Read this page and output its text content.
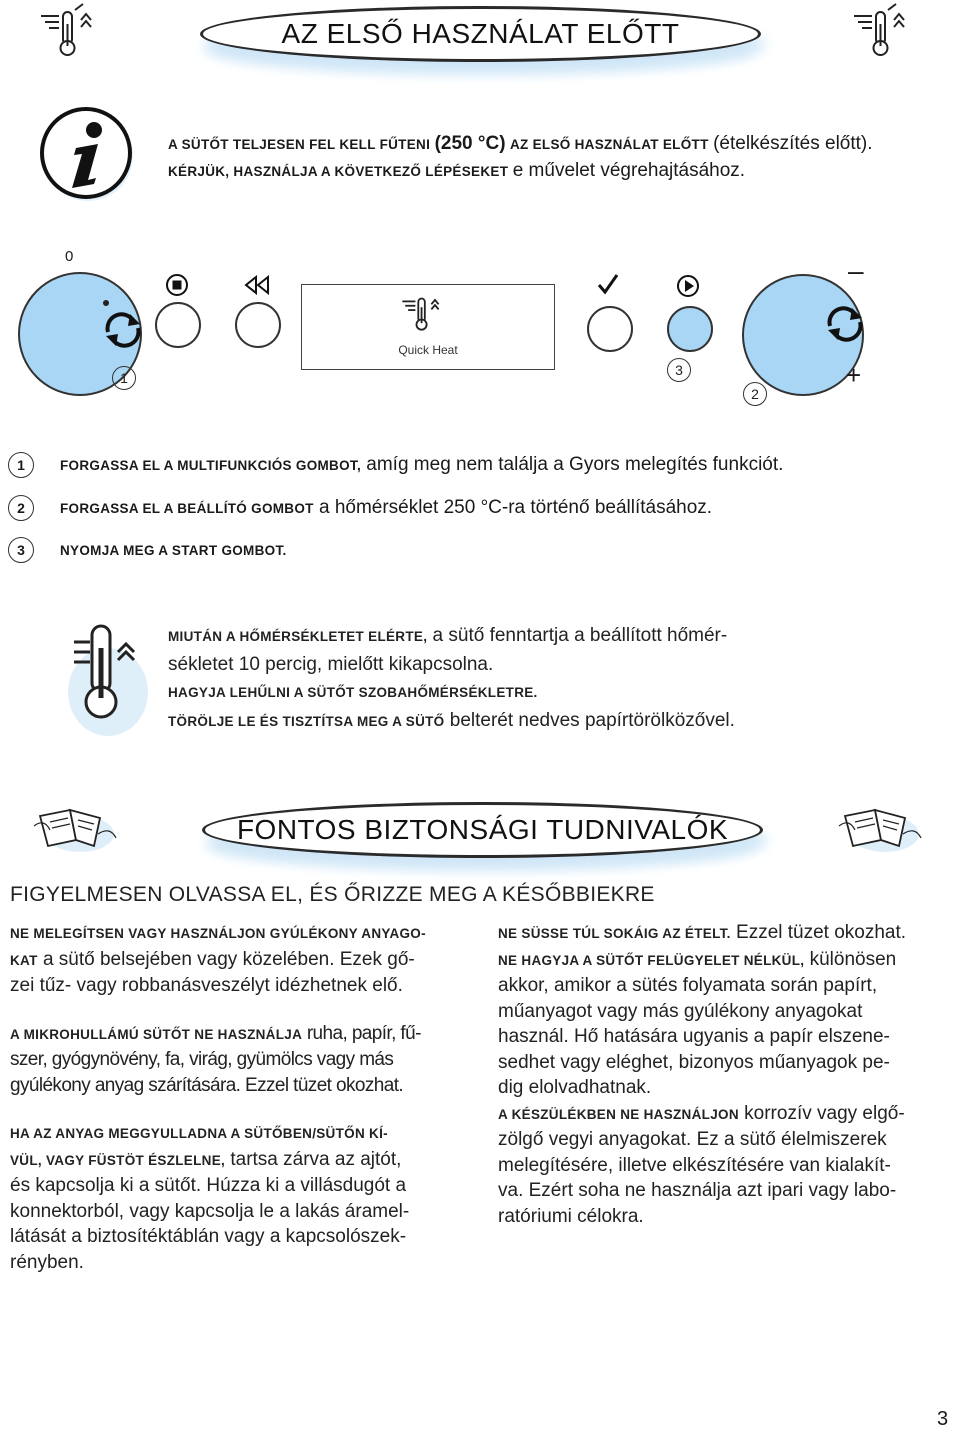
AZ ELSŐ HASZNÁLAT ELŐTT
A SÜTŐT TELJESEN FEL KELL FŰTENI (250 °C) AZ ELSŐ HASZNÁLAT ELŐTT (ételkészítés előtt).
KÉRJÜK, HASZNÁLJA A KÖVETKEZŐ LÉPÉSEKET e művelet végrehajtásához.
0
Quick Heat
–
+
1	3
2
1	FORGASSA EL A MULTIFUNKCIÓS GOMBOT, amíg meg nem találja a Gyors melegítés funkciót.
2	FORGASSA EL A BEÁLLÍTÓ GOMBOT a hőmérséklet 250 °C-ra történő beállításához.
3	NYOMJA MEG A START GOMBOT.
MIUTÁN A HŐMÉRSÉKLETET ELÉRTE, a sütő fenntartja a beállított hőmér-
sékletet 10 percig, mielőtt kikapcsolna.
HAGYJA LEHŰLNI A SÜTŐT SZOBAHŐMÉRSÉKLETRE.
TÖRÖLJE LE ÉS TISZTÍTSA MEG A SÜTŐ belterét nedves papírtörölközővel.
FONTOS BIZTONSÁGI TUDNIVALÓK
FIGYELMESEN OLVASSA EL, ÉS ŐRIZZE MEG A KÉSŐBBIEKRE
NE MELEGÍTSEN VAGY HASZNÁLJON GYÚLÉKONY ANYAGO-
KAT a sütő belsejében vagy közelében. Ezek gő-
zei tűz- vagy robbanásveszélyt idézhetnek elő.
A MIKROHULLÁMÚ SÜTŐT NE HASZNÁLJA ruha, papír, fű-
szer, gyógynövény, fa, virág, gyümölcs vagy más
gyúlékony anyag szárítására. Ezzel tüzet okozhat.
HA AZ ANYAG MEGGYULLADNA A SÜTŐBEN/SÜTŐN KÍ-
VÜL, VAGY FÜSTÖT ÉSZLELNE, tartsa zárva az ajtót,
és kapcsolja ki a sütőt. Húzza ki a villásdugót a
konnektorból, vagy kapcsolja le a lakás áramel-
látását a biztosítéktáblán vagy a kapcsolószek-
rényben.
NE SÜSSE TÚL SOKÁIG AZ ÉTELT. Ezzel tüzet okozhat.
NE HAGYJA A SÜTŐT FELÜGYELET NÉLKÜL, különösen
akkor, amikor a sütés folyamata során papírt,
műanyagot vagy más gyúlékony anyagokat
használ. Hő hatására ugyanis a papír elszene-
sedhet vagy eléghet, bizonyos műanyagok pe-
dig elolvadhatnak.
A KÉSZÜLÉKBEN NE HASZNÁLJON korrozív vagy elgő-
zölgő vegyi anyagokat. Ez a sütő élelmiszerek
melegítésére, illetve elkészítésére van kialakít-
va. Ezért soha ne használja azt ipari vagy labo-
ratóriumi célokra.
3
